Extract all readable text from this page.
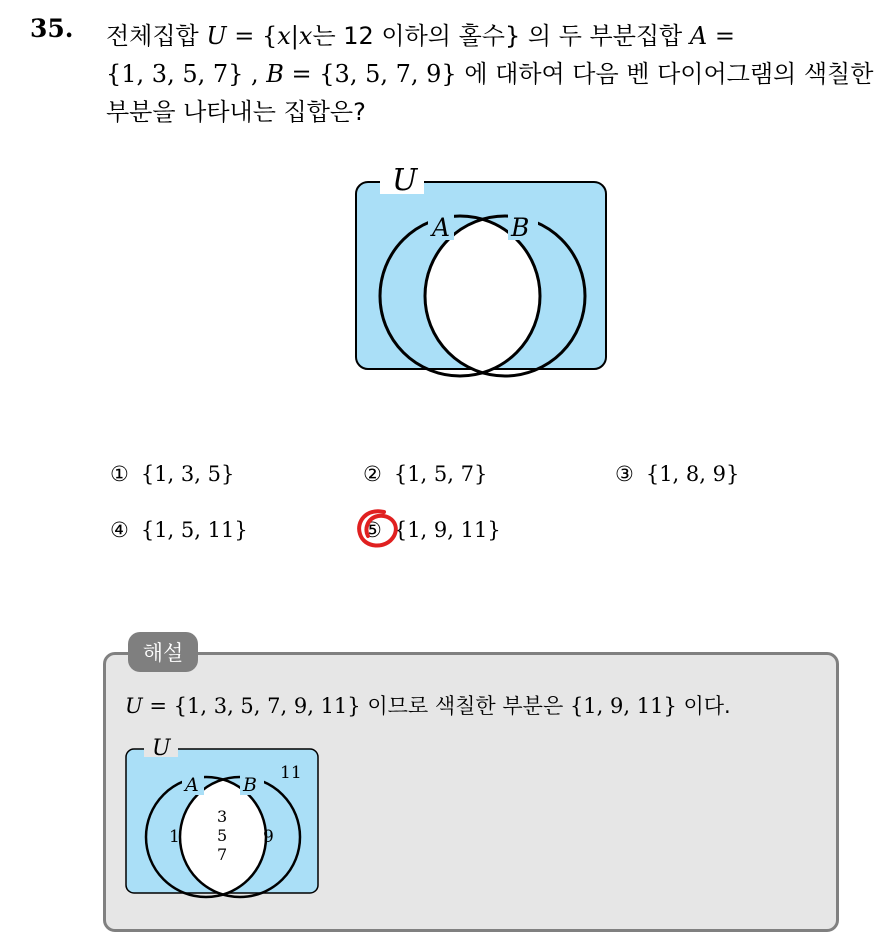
35. 전체집합 U = {x|x는 12 이하의 홀수} 의 두 부분집합 A =
{1, 3, 5, 7} , B = {3, 5, 7, 9} 에 대하여 다음 벤 다이어그램의 색칠한
부분을 나타내는 집합은?
U
A B
① {1, 3, 5}	② {1, 5, 7}	③ {1, 8, 9}
④ {1, 5, 11}	⑤ {1, 9, 11}
해설
U = {1, 3, 5, 7, 9, 11} 이므로 색칠한 부분은 {1, 9, 11} 이다.
U
A B
11
1	9
3
5
7
